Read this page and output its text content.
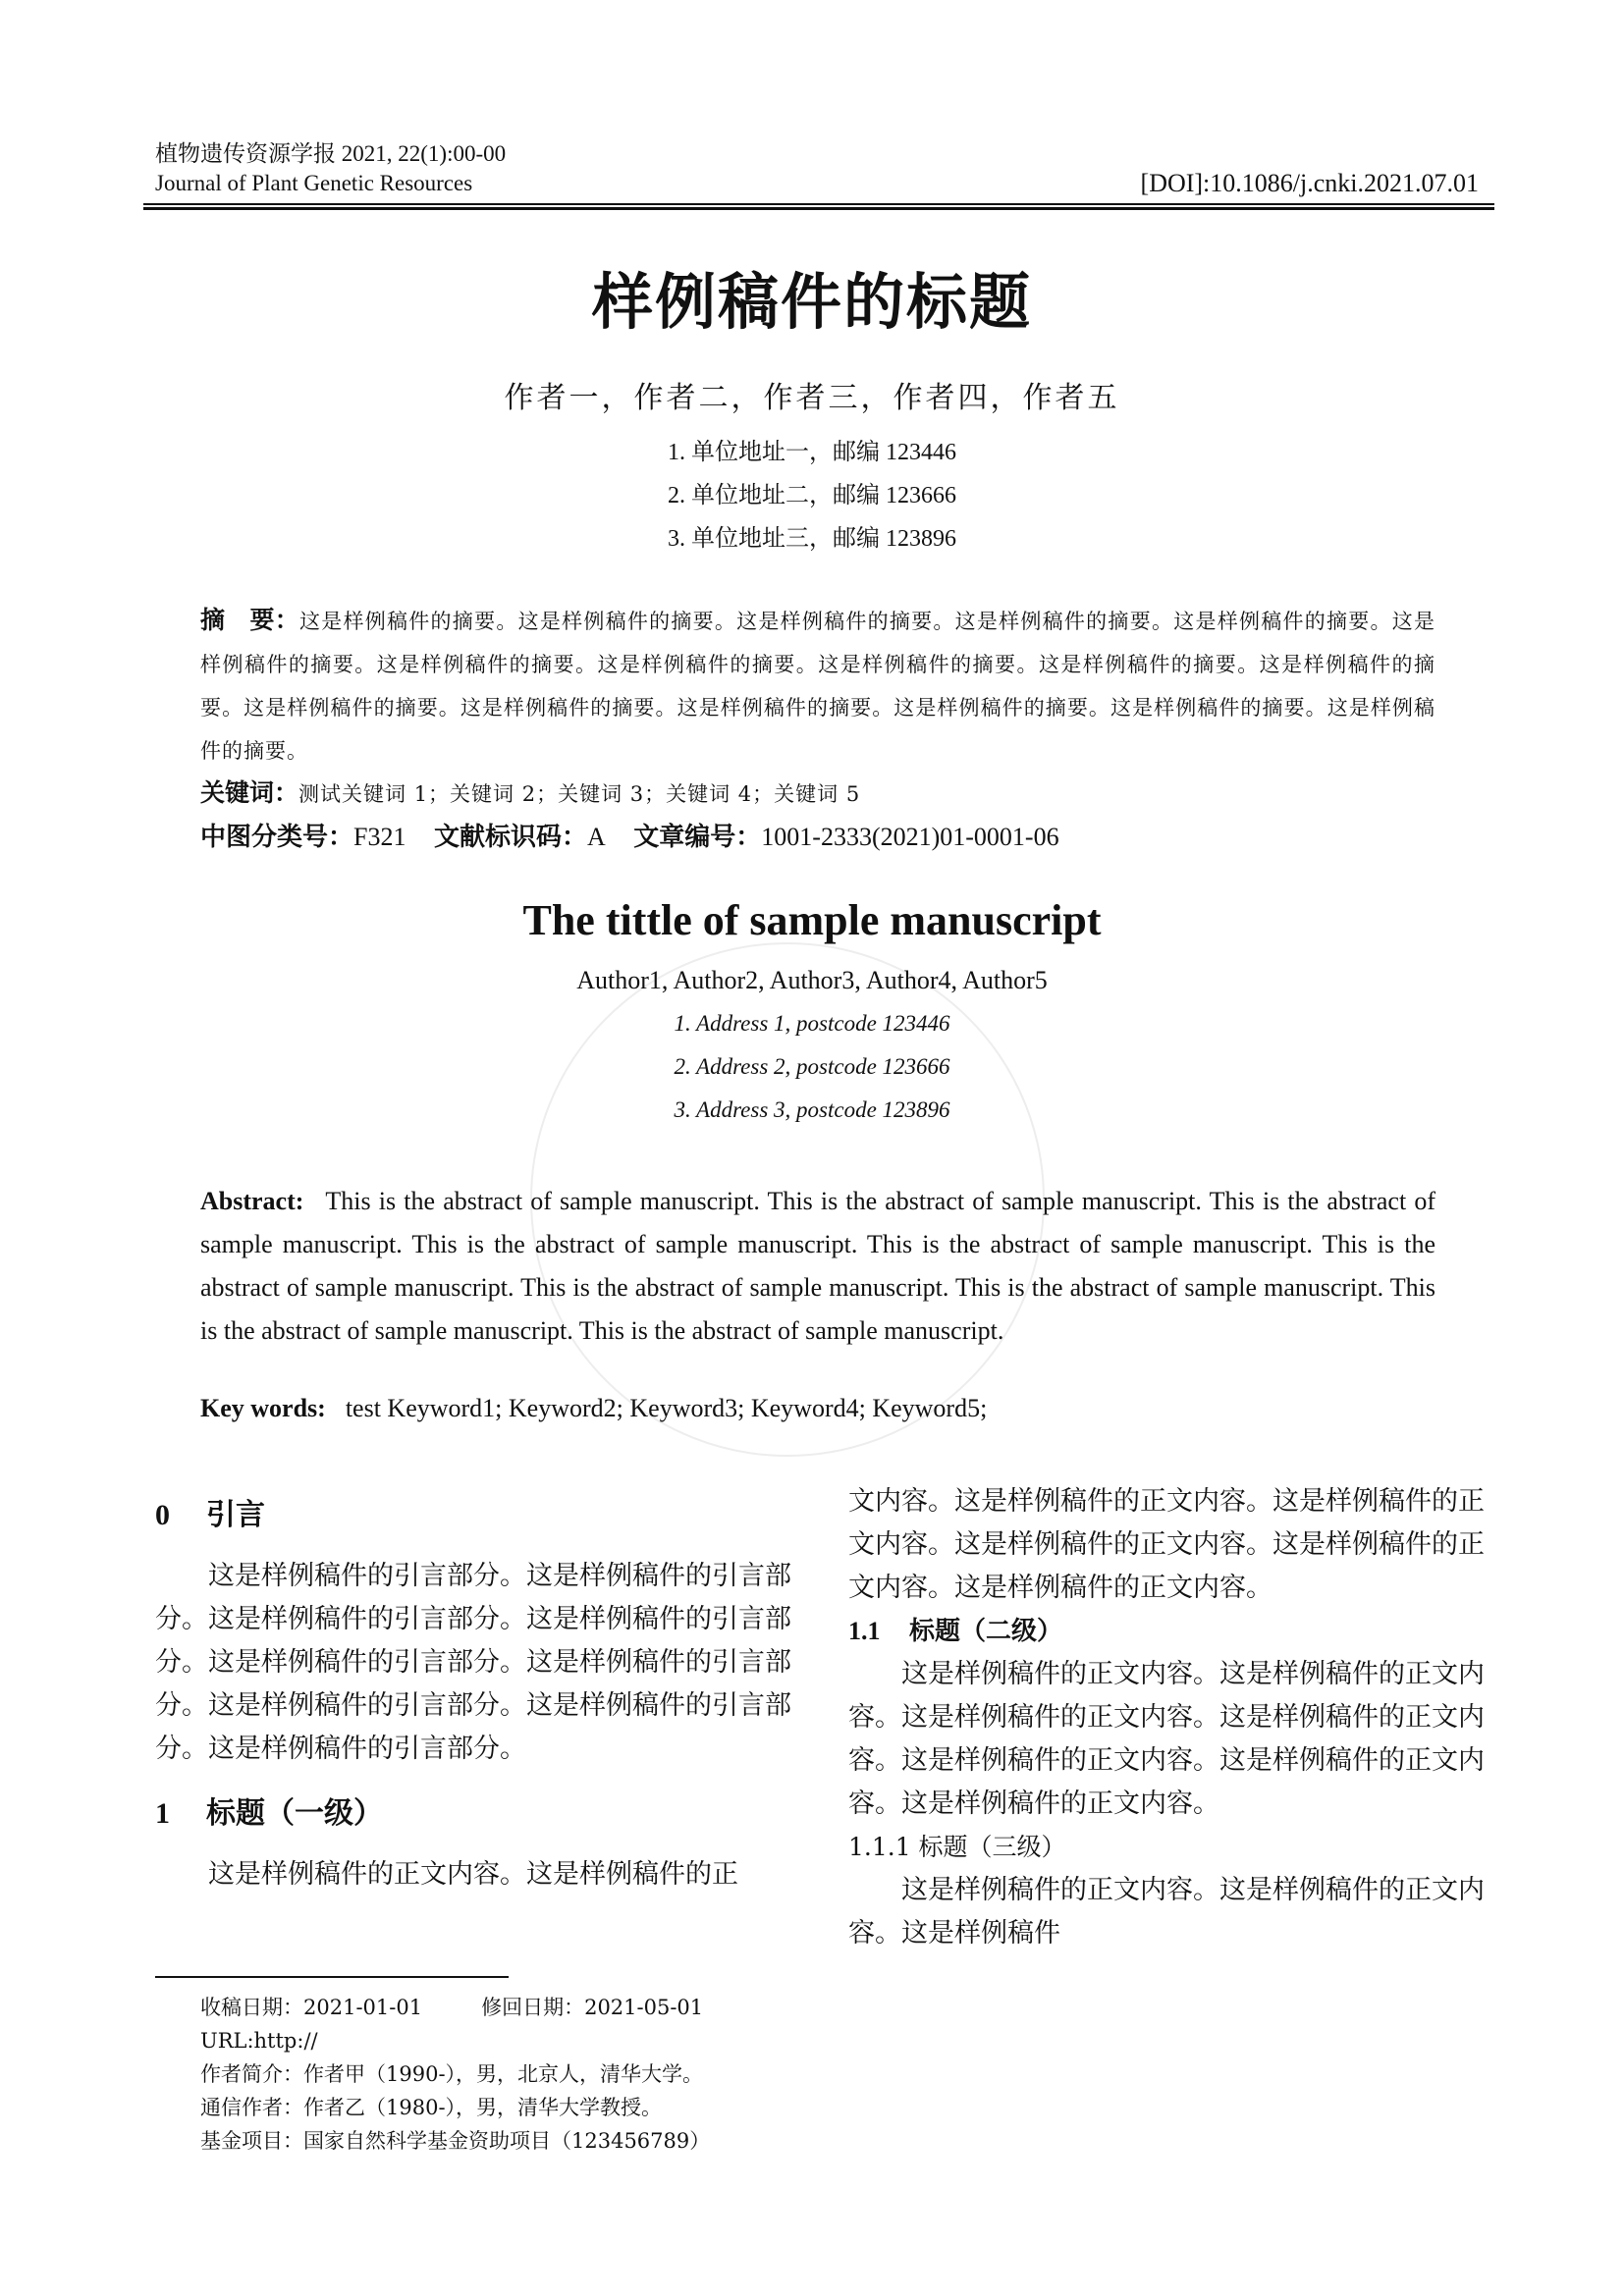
植物遗传资源学报 2021, 22(1):00-00
Journal of Plant Genetic Resources	[DOI]:10.1086/j.cnki.2021.07.01
样例稿件的标题
作者一，作者二，作者三，作者四，作者五
1. 单位地址一，邮编 123446
2. 单位地址二，邮编 123666
3. 单位地址三，邮编 123896
摘　要：这是样例稿件的摘要。这是样例稿件的摘要。这是样例稿件的摘要。这是样例稿件的摘要。这是样例稿件的摘要。这是样例稿件的摘要。这是样例稿件的摘要。这是样例稿件的摘要。这是样例稿件的摘要。这是样例稿件的摘要。这是样例稿件的摘要。这是样例稿件的摘要。这是样例稿件的摘要。这是样例稿件的摘要。这是样例稿件的摘要。这是样例稿件的摘要。这是样例稿件的摘要。
关键词：测试关键词 1；关键词 2；关键词 3；关键词 4；关键词 5
中图分类号：F321 文献标识码：A 文章编号：1001-2333(2021)01-0001-06
The tittle of sample manuscript
Author1, Author2, Author3, Author4, Author5
1. Address 1, postcode 123446
2. Address 2, postcode 123666
3. Address 3, postcode 123896
Abstract: This is the abstract of sample manuscript. This is the abstract of sample manuscript. This is the abstract of sample manuscript. This is the abstract of sample manuscript. This is the abstract of sample manuscript. This is the abstract of sample manuscript. This is the abstract of sample manuscript. This is the abstract of sample manuscript. This is the abstract of sample manuscript. This is the abstract of sample manuscript.
Key words: test Keyword1; Keyword2; Keyword3; Keyword4; Keyword5;
0 引言

这是样例稿件的引言部分。这是样例稿件的引言部分。这是样例稿件的引言部分。这是样例稿件的引言部分。这是样例稿件的引言部分。这是样例稿件的引言部分。这是样例稿件的引言部分。这是样例稿件的引言部分。这是样例稿件的引言部分。

1 标题（一级）

这是样例稿件的正文内容。这是样例稿件的正

文内容。这是样例稿件的正文内容。这是样例稿件的正文内容。这是样例稿件的正文内容。这是样例稿件的正文内容。这是样例稿件的正文内容。

1.1 标题（二级）

这是样例稿件的正文内容。这是样例稿件的正文内容。这是样例稿件的正文内容。这是样例稿件的正文内容。这是样例稿件的正文内容。这是样例稿件的正文内容。这是样例稿件的正文内容。

1.1.1 标题（三级）

这是样例稿件的正文内容。这是样例稿件的正文内容。这是样例稿件

收稿日期：2021-01-01	修回日期：2021-05-01
URL:http://
作者简介：作者甲（1990-），男，北京人，清华大学。
通信作者：作者乙（1980-），男，清华大学教授。
基金项目：国家自然科学基金资助项目（123456789）
